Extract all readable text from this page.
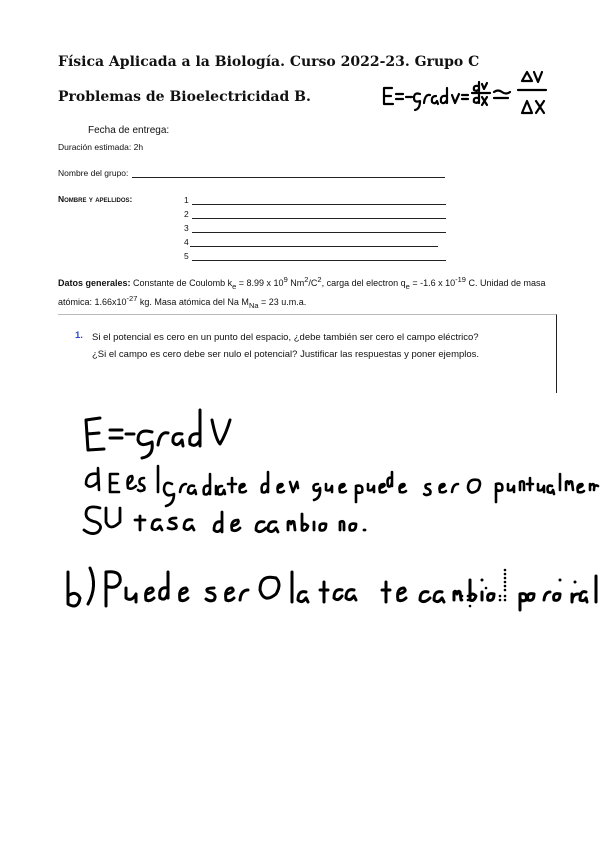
Física Aplicada a la Biología. Curso 2022-23. Grupo C
Problemas de Bioelectricidad B.
Fecha de entrega:
Duración estimada: 2h
Nombre del grupo:
Nombre y apellidos:	1
2
3
4
5
Datos generales: Constante de Coulomb $k_e = 8.99$ x $10^9$ $Nm^2/C^2$, carga del electron $q_e = -1.6$ x $10^{-19}$ C. Unidad de masa atómica: $1.66x10^{-27}$ kg. Masa atómica del Na $M_{Na} = 23$ u.m.a.
1. Si el potencial es cero en un punto del espacio, ¿debe también ser cero el campo eléctrico?
¿Si el campo es cero debe ser nulo el potencial? Justificar las respuestas y poner ejemplos.
